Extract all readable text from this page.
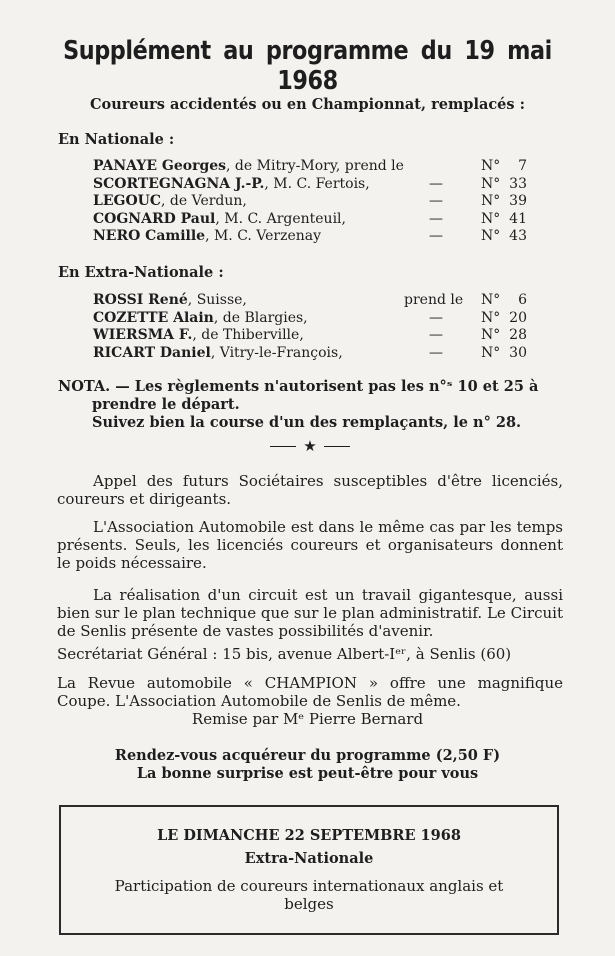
Supplément au programme du 19 mai 1968
Coureurs accidentés ou en Championnat, remplacés :
En Nationale :
PANAYE Georges, de Mitry-Mory, prend le	N°	7
SCORTEGNAGNA J.-P., M. C. Fertois,	—	N° 33
LEGOUC, de Verdun,	—	N° 39
COGNARD Paul, M. C. Argenteuil,	—	N° 41
NERO Camille, M. C. Verzenay	—	N° 43
En Extra-Nationale :
ROSSI René, Suisse,	prend le N°	6
COZETTE Alain, de Blargies,	—	N° 20
WIERSMA F., de Thiberville,	—	N° 28
RICART Daniel, Vitry-le-François,	—	N° 30
NOTA. — Les règlements n'autorisent pas les n°ˢ 10 et 25 à
prendre le départ.
Suivez bien la course d'un des remplaçants, le n° 28.
★
Appel des futurs Sociétaires susceptibles d'être licenciés, coureurs et dirigeants.
L'Association Automobile est dans le même cas par les temps présents. Seuls, les licenciés coureurs et organisateurs donnent le poids nécessaire.
La réalisation d'un circuit est un travail gigantesque, aussi bien sur le plan technique que sur le plan administratif. Le Circuit de Senlis présente de vastes possibilités d'avenir.
Secrétariat Général : 15 bis, avenue Albert-Iᵉʳ, à Senlis (60)
La Revue automobile « CHAMPION » offre une magnifique Coupe. L'Association Automobile de Senlis de même.
Remise par Mᵉ Pierre Bernard
Rendez-vous acquéreur du programme (2,50 F)
La bonne surprise est peut-être pour vous
LE DIMANCHE 22 SEPTEMBRE 1968
Extra-Nationale
Participation de coureurs internationaux anglais et belges
